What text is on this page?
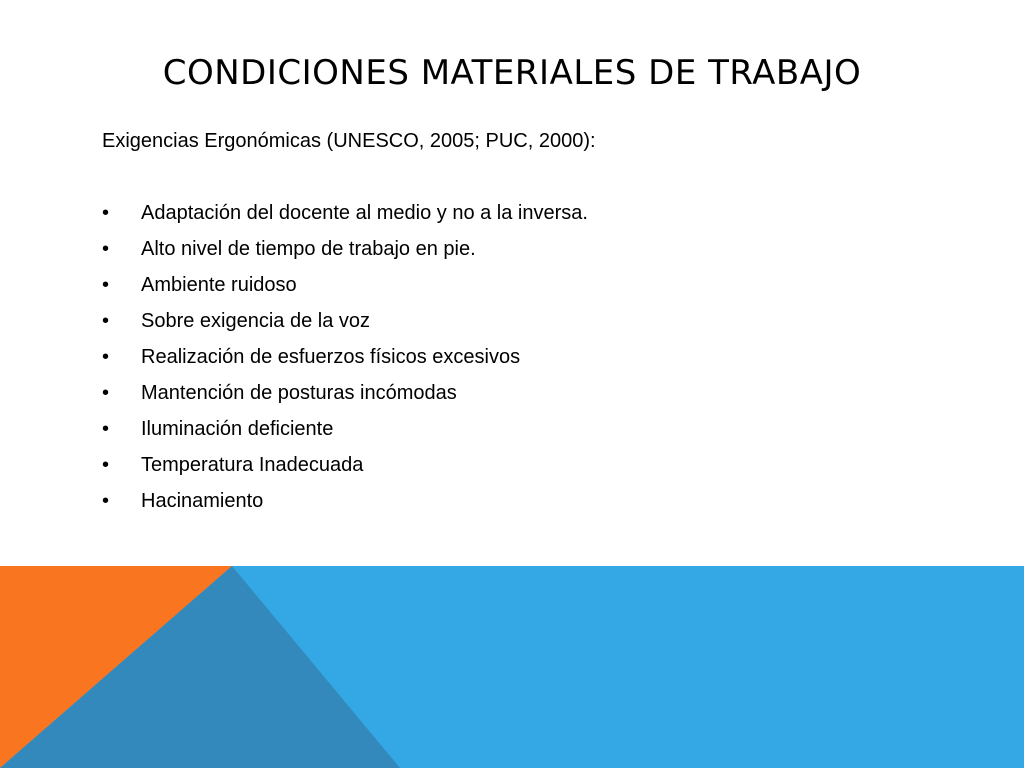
CONDICIONES MATERIALES DE TRABAJO

Exigencias Ergonómicas (UNESCO, 2005; PUC, 2000):

•	Adaptación del docente al medio y no a la inversa.
•	Alto nivel de tiempo de trabajo en pie.
•	Ambiente ruidoso
•	Sobre exigencia de la voz
•	Realización de esfuerzos físicos excesivos
•	Mantención de posturas incómodas
•	Iluminación deficiente
•	Temperatura Inadecuada
•	Hacinamiento
